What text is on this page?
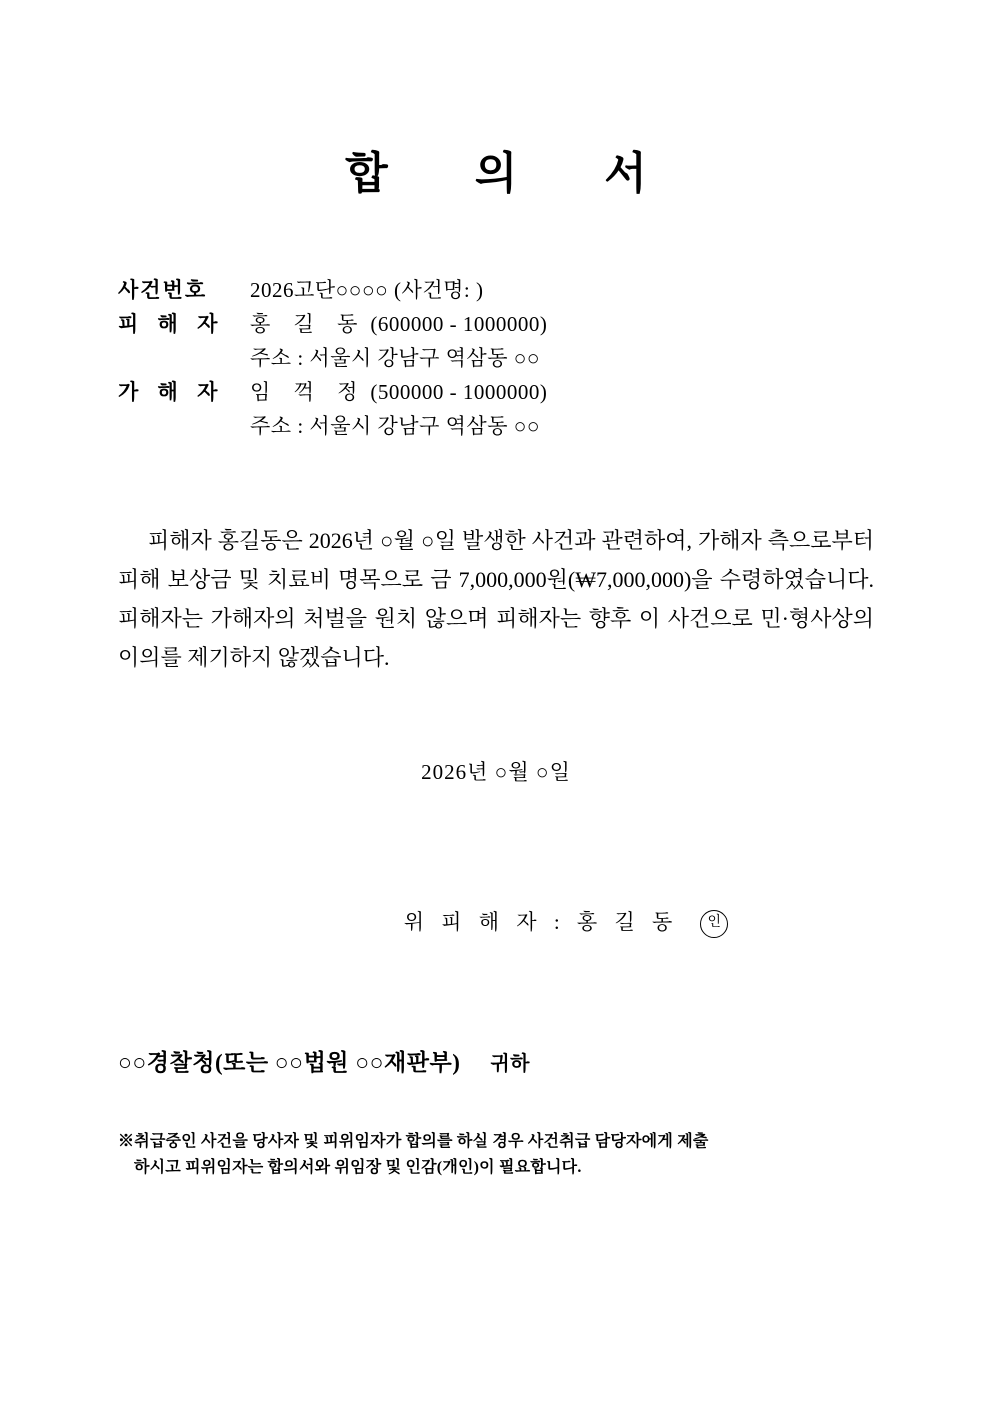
합 의 서
사건번호	2026고단○○○○ (사건명: )
피 해 자	홍 길 동 (600000 - 1000000)
주소 : 서울시 강남구 역삼동 ○○
가 해 자	임 꺽 정 (500000 - 1000000)
주소 : 서울시 강남구 역삼동 ○○
피해자 홍길동은 2026년 ○월 ○일 발생한 사건과 관련하여, 가해자 측으로부터 피해 보상금 및 치료비 명목으로 금 7,000,000원(₩7,000,000)을 수령하였습니다. 피해자는 가해자의 처벌을 원치 않으며 피해자는 향후 이 사건으로 민·형사상의 이의를 제기하지 않겠습니다.
2026년 ○월 ○일
위 피 해 자 : 홍 길 동 인
○○경찰청(또는 ○○법원 ○○재판부) 귀하
※취급중인 사건을 당사자 및 피위임자가 합의를 하실 경우 사건취급 담당자에게 제출
하시고 피위임자는 합의서와 위임장 및 인감(개인)이 필요합니다.
